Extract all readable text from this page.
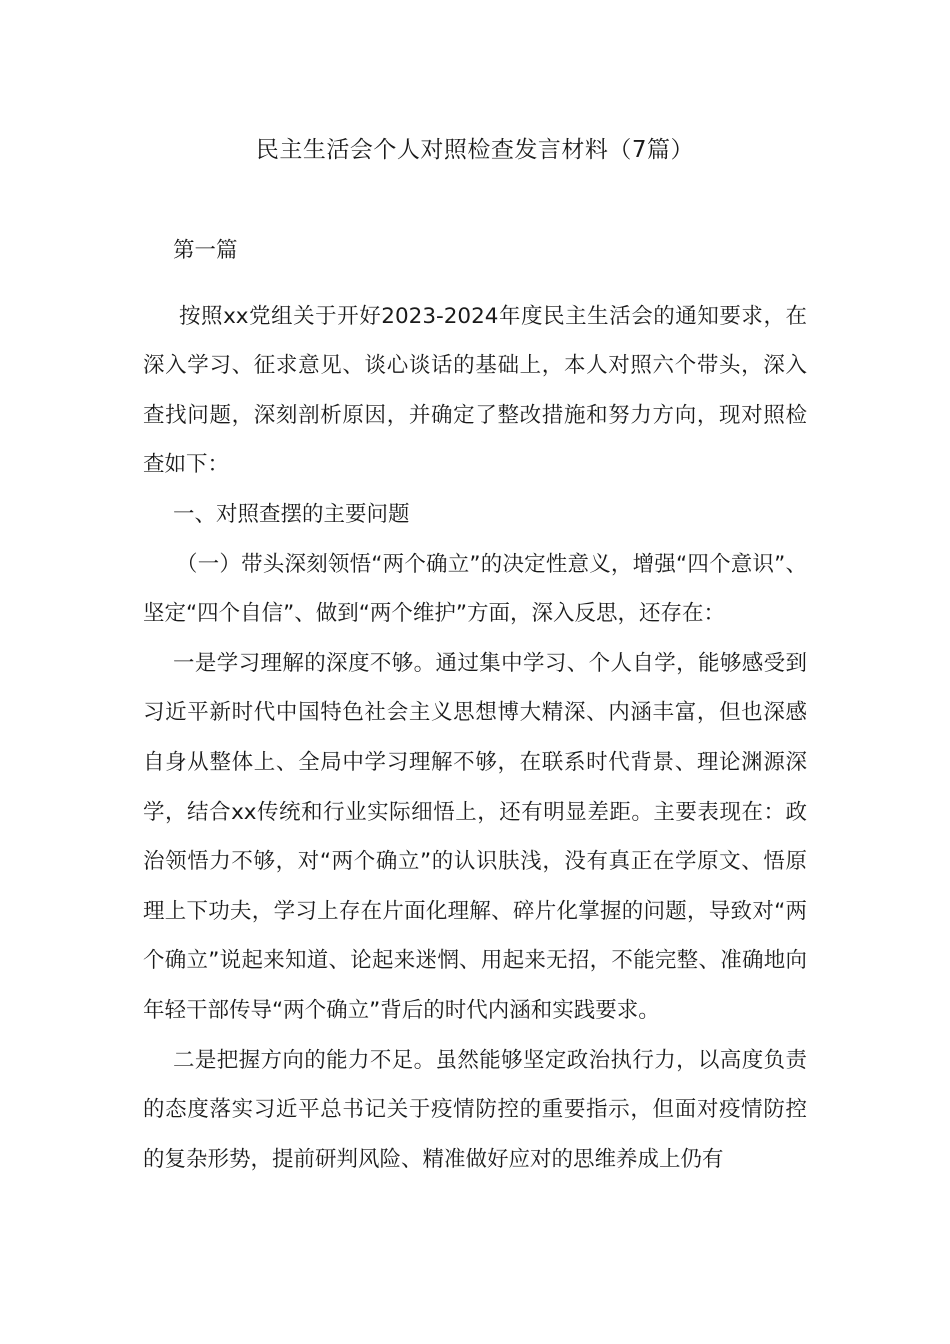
民主生活会个人对照检查发言材料（7篇）

第一篇

按照xx党组关于开好2023-2024年度民主生活会的通知要求，在深入学习、征求意见、谈心谈话的基础上，本人对照六个带头，深入查找问题，深刻剖析原因，并确定了整改措施和努力方向，现对照检查如下：

一、对照查摆的主要问题

（一）带头深刻领悟“两个确立”的决定性意义，增强“四个意识”、坚定“四个自信”、做到“两个维护”方面，深入反思，还存在：

一是学习理解的深度不够。通过集中学习、个人自学，能够感受到习近平新时代中国特色社会主义思想博大精深、内涵丰富，但也深感自身从整体上、全局中学习理解不够，在联系时代背景、理论渊源深学，结合xx传统和行业实际细悟上，还有明显差距。主要表现在：政治领悟力不够，对“两个确立”的认识肤浅，没有真正在学原文、悟原理上下功夫，学习上存在片面化理解、碎片化掌握的问题，导致对“两个确立”说起来知道、论起来迷惘、用起来无招，不能完整、准确地向年轻干部传导“两个确立”背后的时代内涵和实践要求。

二是把握方向的能力不足。虽然能够坚定政治执行力，以高度负责的态度落实习近平总书记关于疫情防控的重要指示，但面对疫情防控的复杂形势，提前研判风险、精准做好应对的思维养成上仍有
